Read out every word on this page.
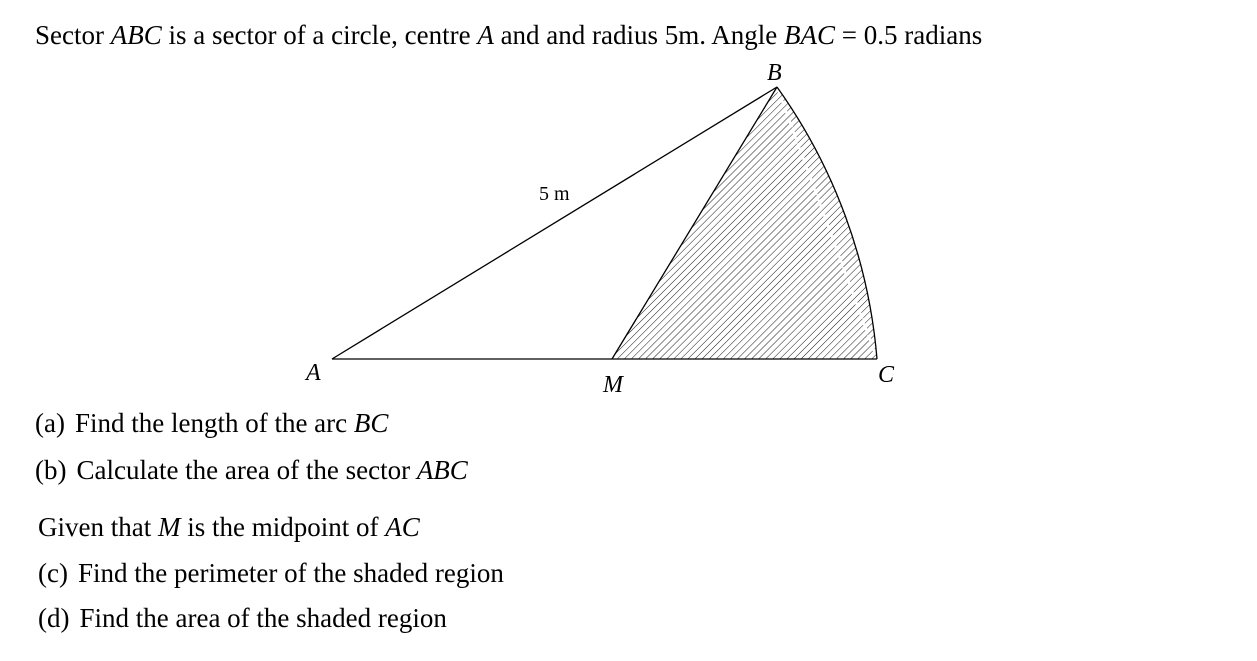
Sector ABC is a sector of a circle, centre A and and radius 5m. Angle BAC = 0.5 radians
B
A	M	C
5 m
(a) Find the length of the arc BC
(b) Calculate the area of the sector ABC
Given that M is the midpoint of AC
(c) Find the perimeter of the shaded region
(d) Find the area of the shaded region
